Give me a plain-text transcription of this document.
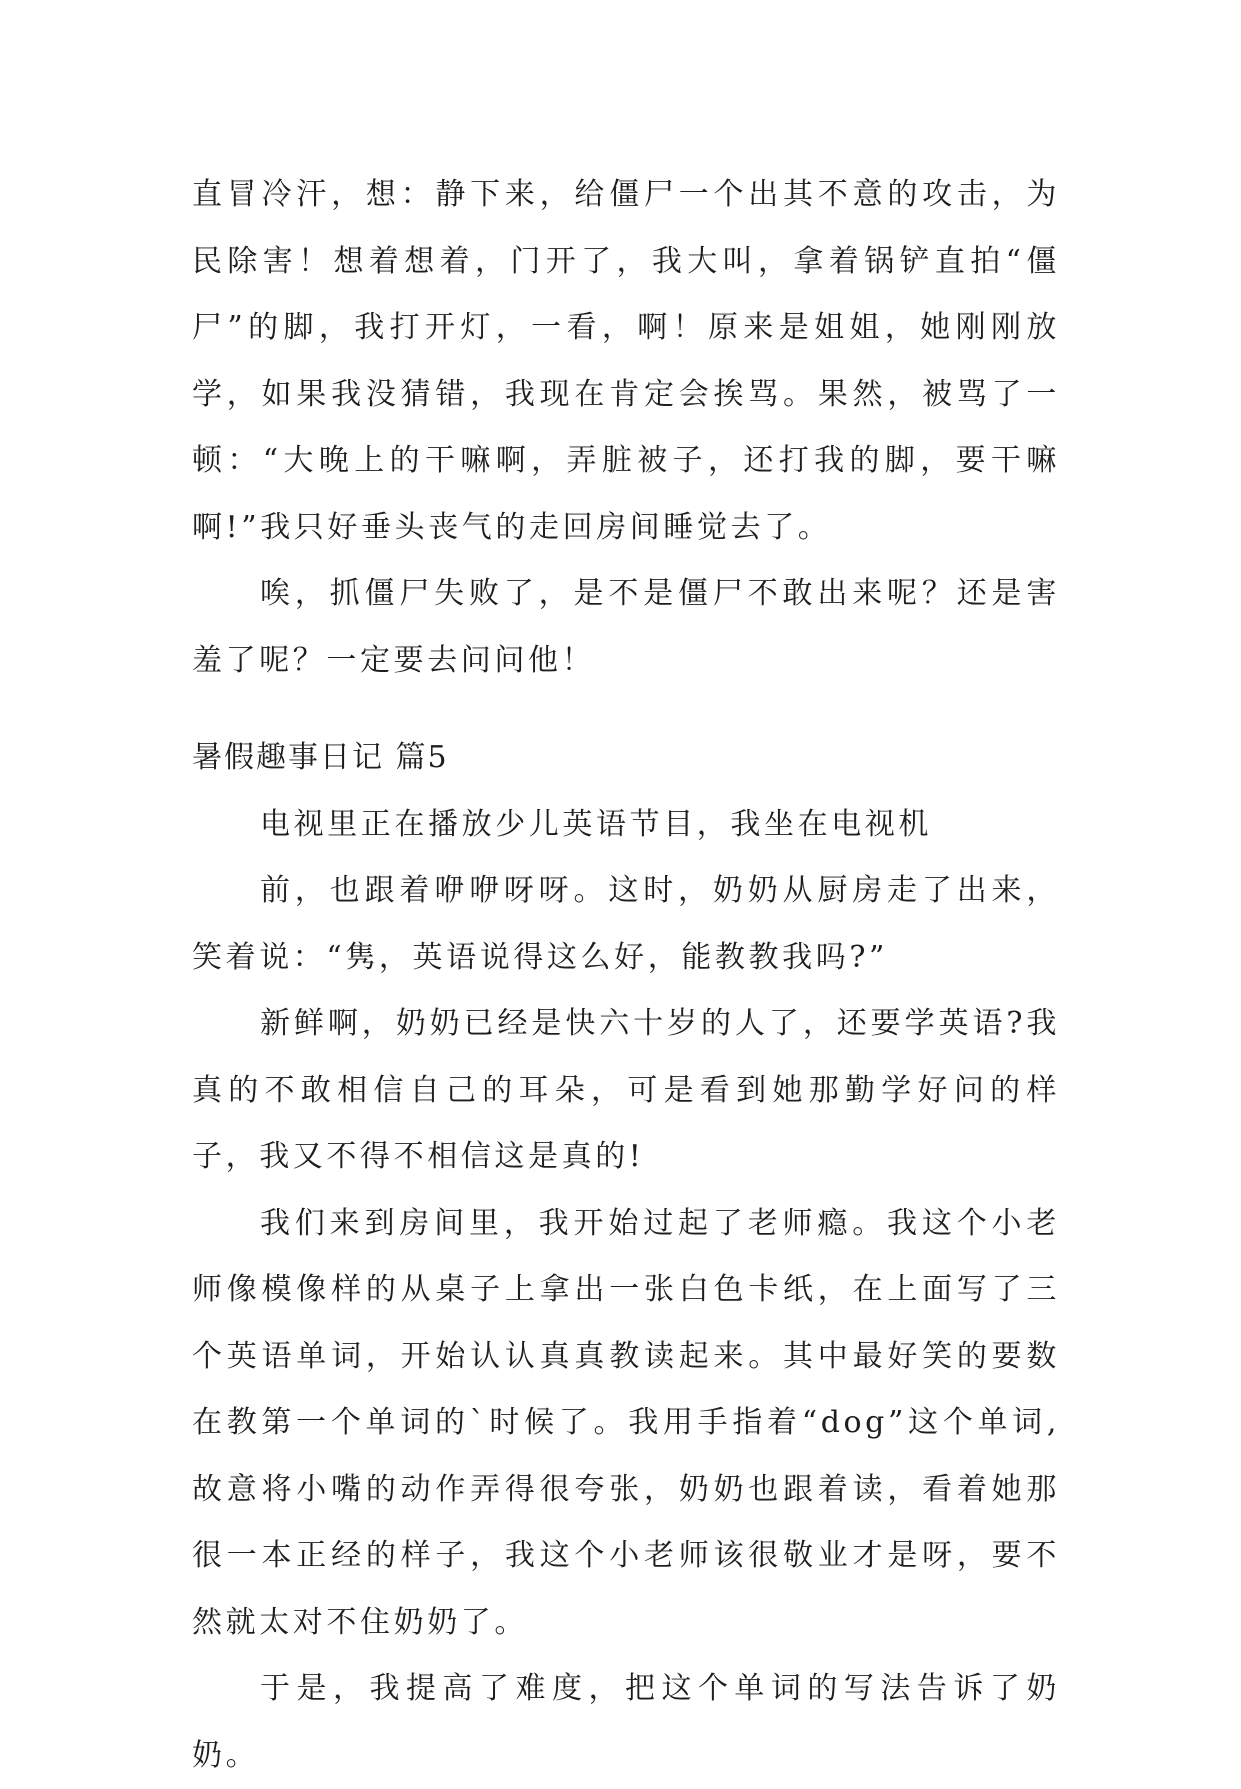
直冒冷汗，想：静下来，给僵尸一个出其不意的攻击，为民除害！想着想着，门开了，我大叫，拿着锅铲直拍“僵尸”的脚，我打开灯，一看，啊！原来是姐姐，她刚刚放学，如果我没猜错，我现在肯定会挨骂。果然，被骂了一顿：“大晚上的干嘛啊，弄脏被子，还打我的脚，要干嘛啊!”我只好垂头丧气的走回房间睡觉去了。

唉，抓僵尸失败了，是不是僵尸不敢出来呢？还是害羞了呢？一定要去问问他！

暑假趣事日记 篇5

电视里正在播放少儿英语节目，我坐在电视机

前，也跟着咿咿呀呀。这时，奶奶从厨房走了出来，笑着说：“隽，英语说得这么好，能教教我吗?”

新鲜啊，奶奶已经是快六十岁的人了，还要学英语?我真的不敢相信自己的耳朵，可是看到她那勤学好问的样子，我又不得不相信这是真的!

我们来到房间里，我开始过起了老师瘾。我这个小老师像模像样的从桌子上拿出一张白色卡纸，在上面写了三个英语单词，开始认认真真教读起来。其中最好笑的要数在教第一个单词的`时候了。我用手指着“dog”这个单词,故意将小嘴的动作弄得很夸张，奶奶也跟着读，看着她那很一本正经的样子，我这个小老师该很敬业才是呀，要不然就太对不住奶奶了。

于是，我提高了难度，把这个单词的写法告诉了奶奶。
